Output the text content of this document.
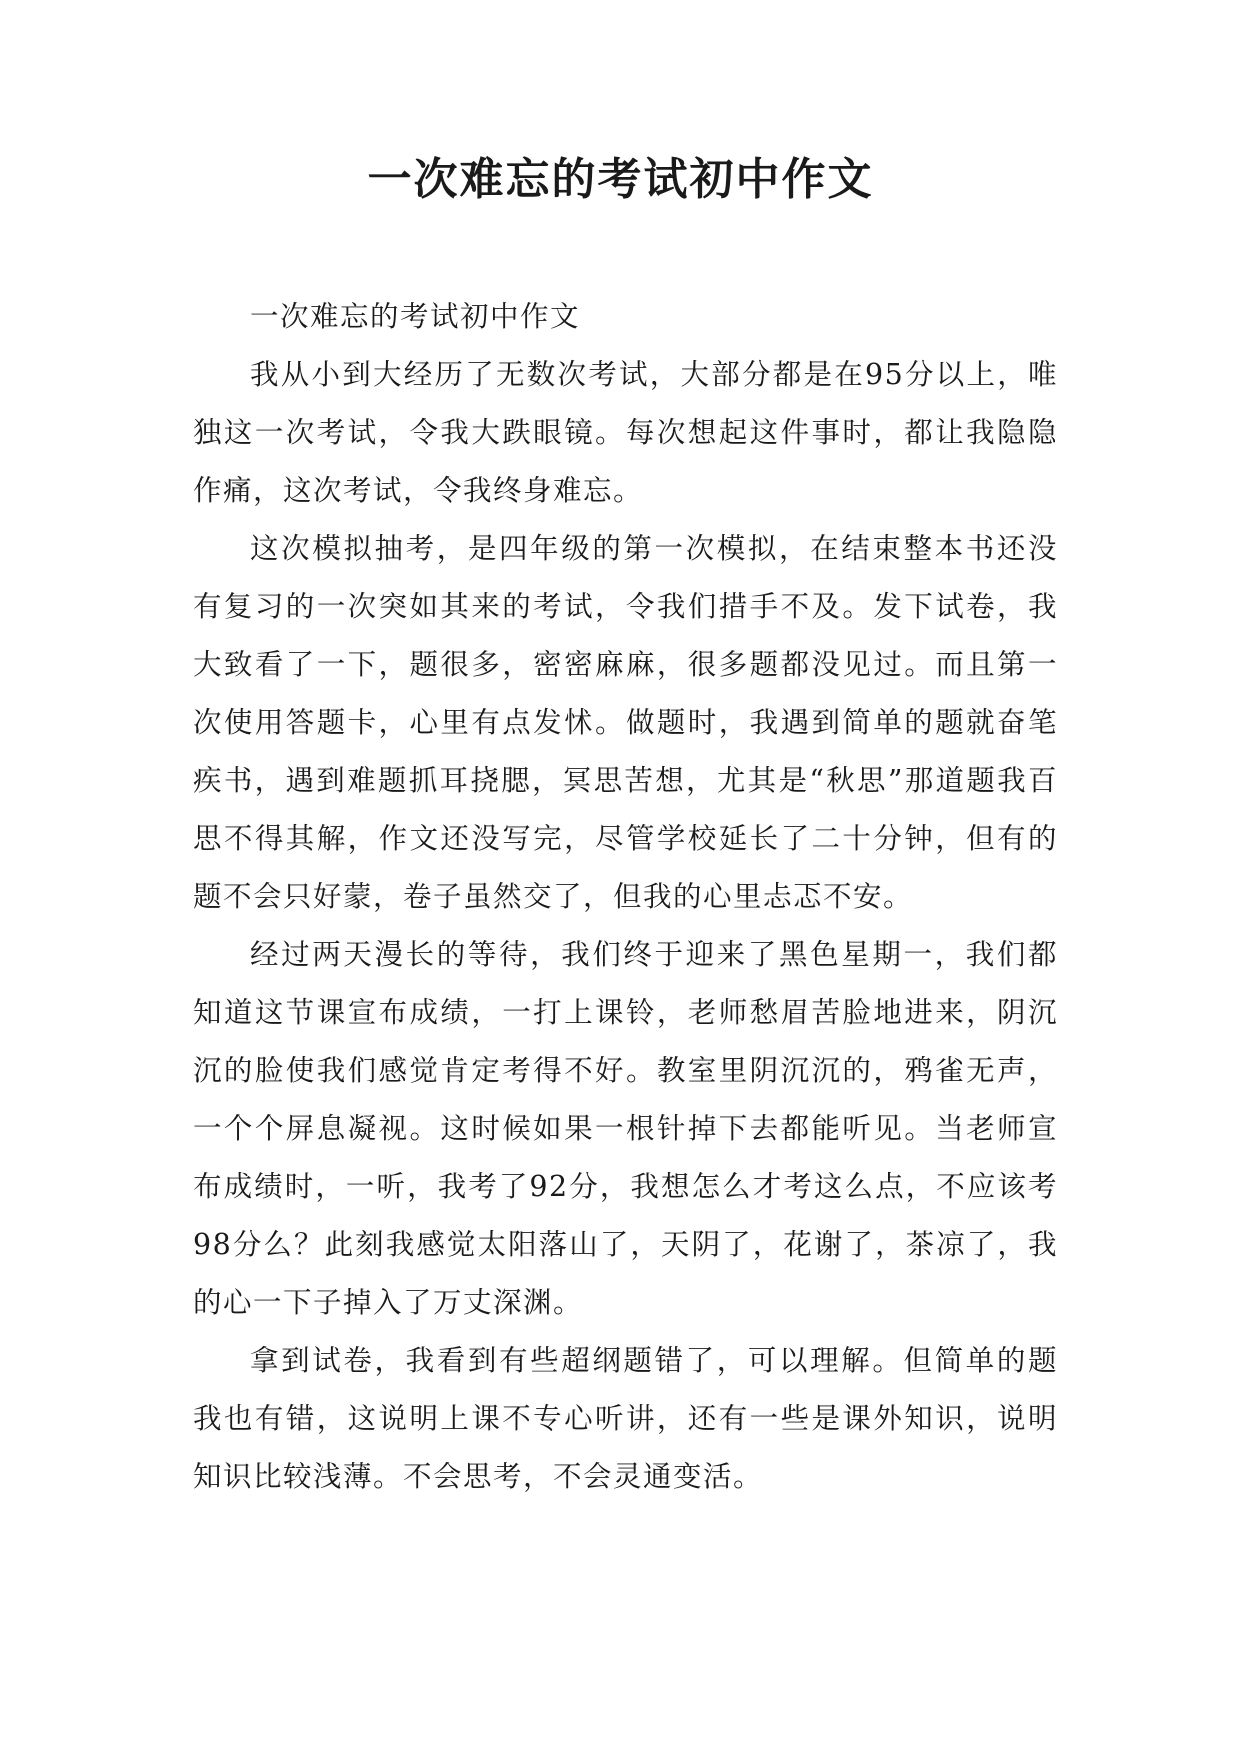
一次难忘的考试初中作文

一次难忘的考试初中作文

我从小到大经历了无数次考试，大部分都是在95分以上，唯独这一次考试，令我大跌眼镜。每次想起这件事时，都让我隐隐作痛，这次考试，令我终身难忘。

这次模拟抽考，是四年级的第一次模拟，在结束整本书还没有复习的一次突如其来的考试，令我们措手不及。发下试卷，我大致看了一下，题很多，密密麻麻，很多题都没见过。而且第一次使用答题卡，心里有点发怵。做题时，我遇到简单的题就奋笔疾书，遇到难题抓耳挠腮，冥思苦想，尤其是“秋思”那道题我百思不得其解，作文还没写完，尽管学校延长了二十分钟，但有的题不会只好蒙，卷子虽然交了，但我的心里忐忑不安。

经过两天漫长的等待，我们终于迎来了黑色星期一，我们都知道这节课宣布成绩，一打上课铃，老师愁眉苦脸地进来，阴沉沉的脸使我们感觉肯定考得不好。教室里阴沉沉的，鸦雀无声，一个个屏息凝视。这时候如果一根针掉下去都能听见。当老师宣布成绩时，一听，我考了92分，我想怎么才考这么点，不应该考98分么？此刻我感觉太阳落山了，天阴了，花谢了，茶凉了，我的心一下子掉入了万丈深渊。

拿到试卷，我看到有些超纲题错了，可以理解。但简单的题我也有错，这说明上课不专心听讲，还有一些是课外知识，说明知识比较浅薄。不会思考，不会灵通变活。
